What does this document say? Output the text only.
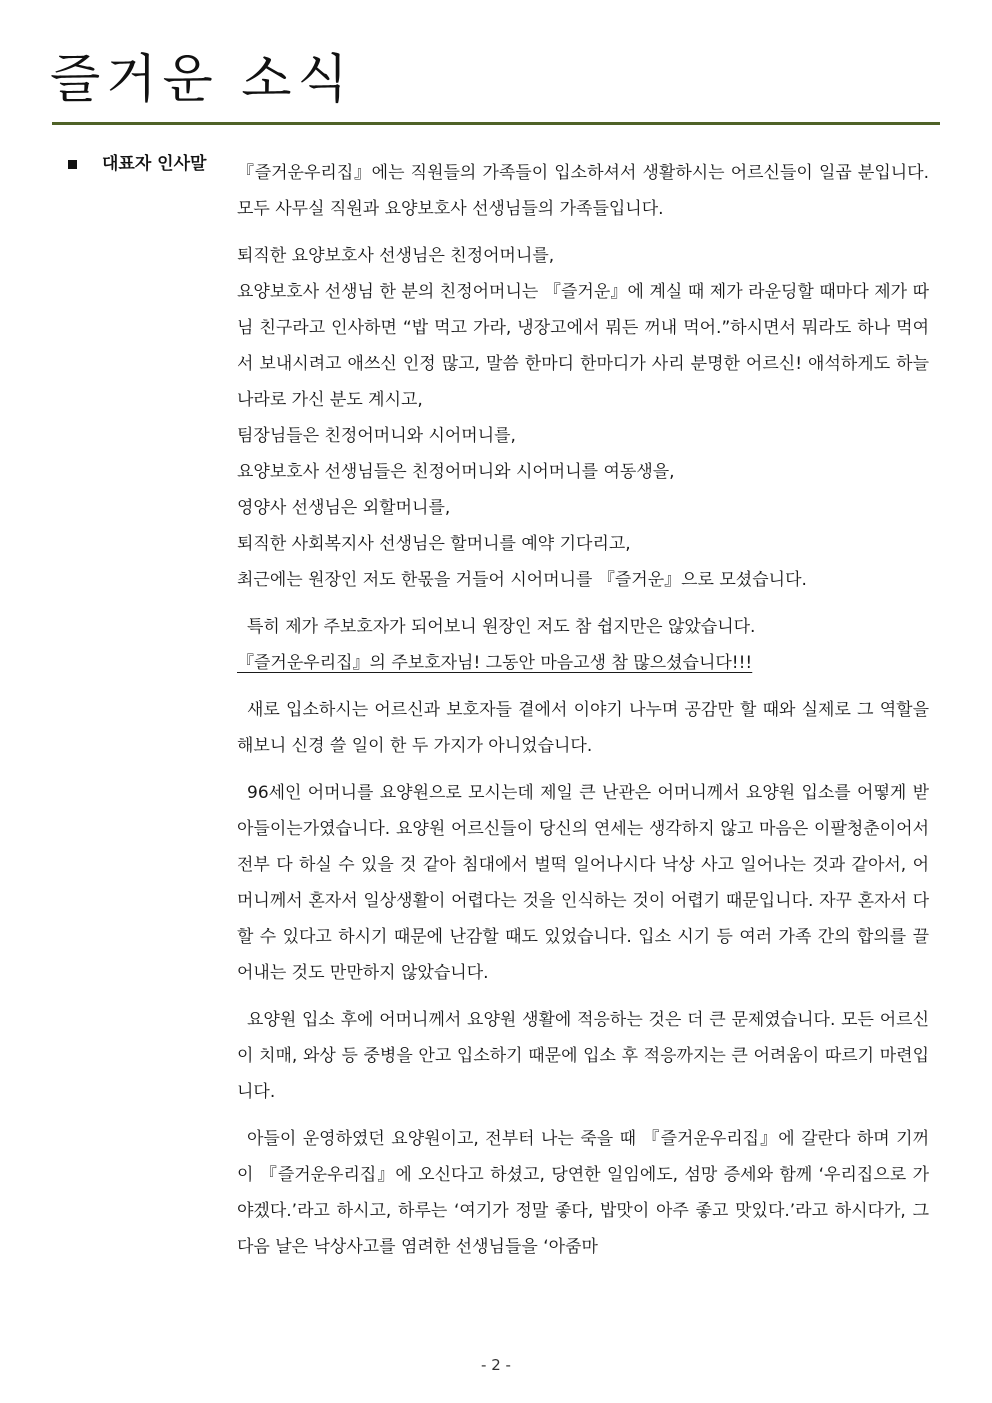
즐거운 소식
대표자 인사말 『즐거운우리집』에는 직원들의 가족들이 입소하셔서 생활하시는 어르신들이 일곱 분입니다. 모두 사무실 직원과 요양보호사 선생님들의 가족들입니다.

퇴직한 요양보호사 선생님은 친정어머니를,

요양보호사 선생님 한 분의 친정어머니는 『즐거운』에 계실 때 제가 라운딩할 때마다 제가 따님 친구라고 인사하면 “밥 먹고 가라, 냉장고에서 뭐든 꺼내 먹어.”하시면서 뭐라도 하나 먹여서 보내시려고 애쓰신 인정 많고, 말씀 한마디 한마디가 사리 분명한 어르신! 애석하게도 하늘나라로 가신 분도 계시고,

팀장님들은 친정어머니와 시어머니를,
요양보호사 선생님들은 친정어머니와 시어머니를 여동생을,
영양사 선생님은 외할머니를,
퇴직한 사회복지사 선생님은 할머니를 예약 기다리고,
최근에는 원장인 저도 한몫을 거들어 시어머니를 『즐거운』으로 모셨습니다.
특히 제가 주보호자가 되어보니 원장인 저도 참 쉽지만은 않았습니다.
『즐거운우리집』의 주보호자님! 그동안 마음고생 참 많으셨습니다!!!

새로 입소하시는 어르신과 보호자들 곁에서 이야기 나누며 공감만 할 때와 실제로 그 역할을 해보니 신경 쓸 일이 한 두 가지가 아니었습니다.

96세인 어머니를 요양원으로 모시는데 제일 큰 난관은 어머니께서 요양원 입소를 어떻게 받아들이는가였습니다. 요양원 어르신들이 당신의 연세는 생각하지 않고 마음은 이팔청춘이어서 전부 다 하실 수 있을 것 같아 침대에서 벌떡 일어나시다 낙상 사고 일어나는 것과 같아서, 어머니께서 혼자서 일상생활이 어렵다는 것을 인식하는 것이 어렵기 때문입니다. 자꾸 혼자서 다 할 수 있다고 하시기 때문에 난감할 때도 있었습니다. 입소 시기 등 여러 가족 간의 합의를 끌어내는 것도 만만하지 않았습니다.

요양원 입소 후에 어머니께서 요양원 생활에 적응하는 것은 더 큰 문제였습니다. 모든 어르신이 치매, 와상 등 중병을 안고 입소하기 때문에 입소 후 적응까지는 큰 어려움이 따르기 마련입니다.

아들이 운영하였던 요양원이고, 전부터 나는 죽을 때 『즐거운우리집』에 갈란다 하며 기꺼이 『즐거운우리집』에 오신다고 하셨고, 당연한 일임에도, 섬망 증세와 함께 ‘우리집으로 가야겠다.’라고 하시고, 하루는 ‘여기가 정말 좋다, 밥맛이 아주 좋고 맛있다.’라고 하시다가, 그다음 날은 낙상사고를 염려한 선생님들을 ‘아줌마

- 2 -
